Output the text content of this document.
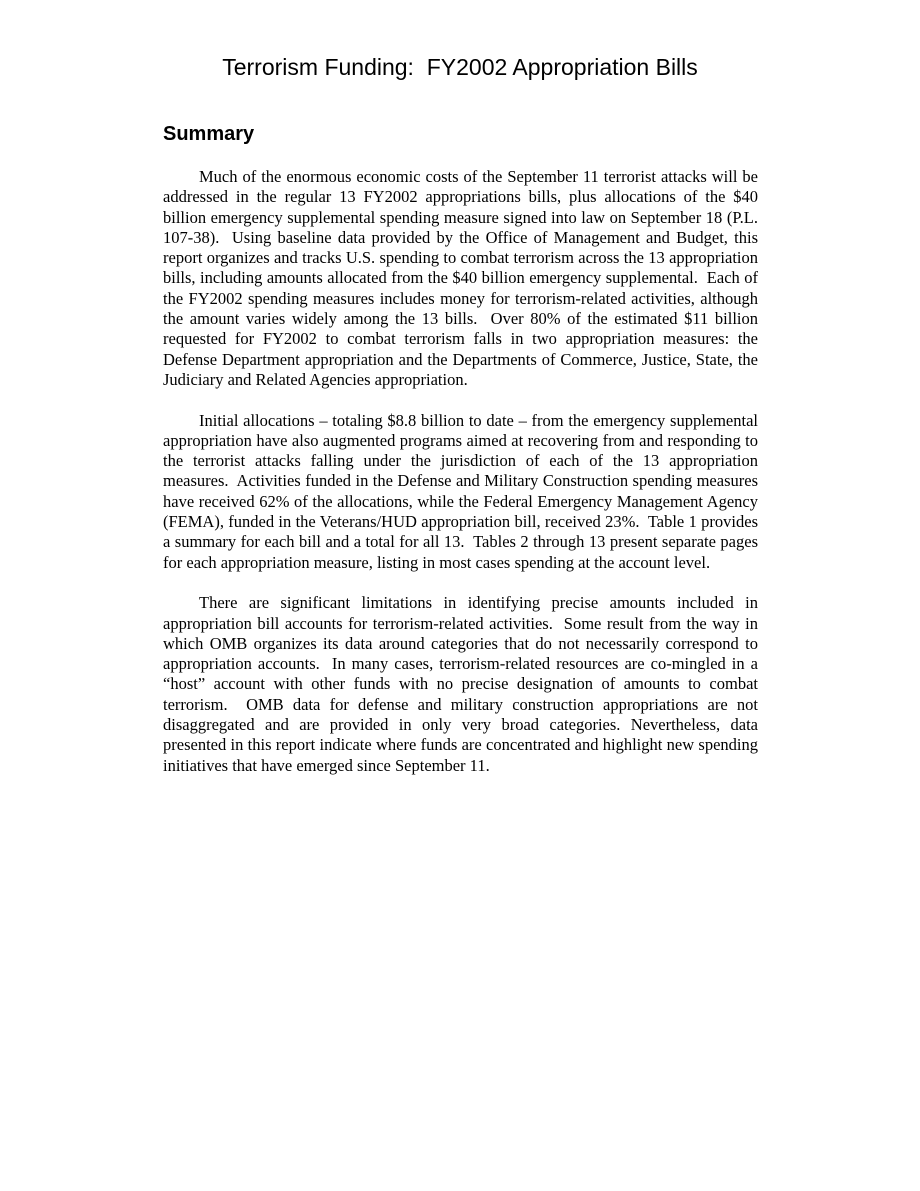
Terrorism Funding:  FY2002 Appropriation Bills
Summary

Much of the enormous economic costs of the September 11 terrorist attacks will be addressed in the regular 13 FY2002 appropriations bills, plus allocations of the $40 billion emergency supplemental spending measure signed into law on September 18 (P.L. 107-38).  Using baseline data provided by the Office of Management and Budget, this report organizes and tracks U.S. spending to combat terrorism across the 13 appropriation bills, including amounts allocated from the $40 billion emergency supplemental.  Each of the FY2002 spending measures includes money for terrorism-related activities, although the amount varies widely among the 13 bills.  Over 80% of the estimated $11 billion requested for FY2002 to combat terrorism falls in two appropriation measures: the Defense Department appropriation and the Departments of Commerce, Justice, State, the Judiciary and Related Agencies appropriation.

Initial allocations – totaling $8.8 billion to date – from the emergency supplemental appropriation have also augmented programs aimed at recovering from and responding to the terrorist attacks falling under the jurisdiction of each of the 13 appropriation measures.  Activities funded in the Defense and Military Construction spending measures have received 62% of the allocations, while the Federal Emergency Management Agency (FEMA), funded in the Veterans/HUD appropriation bill, received 23%.  Table 1 provides a summary for each bill and a total for all 13.  Tables 2 through 13 present separate pages for each appropriation measure, listing in most cases spending at the account level.

There are significant limitations in identifying precise amounts included in appropriation bill accounts for terrorism-related activities.  Some result from the way in which OMB organizes its data around categories that do not necessarily correspond to appropriation accounts.  In many cases, terrorism-related resources are co-mingled in a “host” account with other funds with no precise designation of amounts to combat terrorism.  OMB data for defense and military construction appropriations are not disaggregated and are provided in only very broad categories. Nevertheless, data presented in this report indicate where funds are concentrated and highlight new spending initiatives that have emerged since September 11.
